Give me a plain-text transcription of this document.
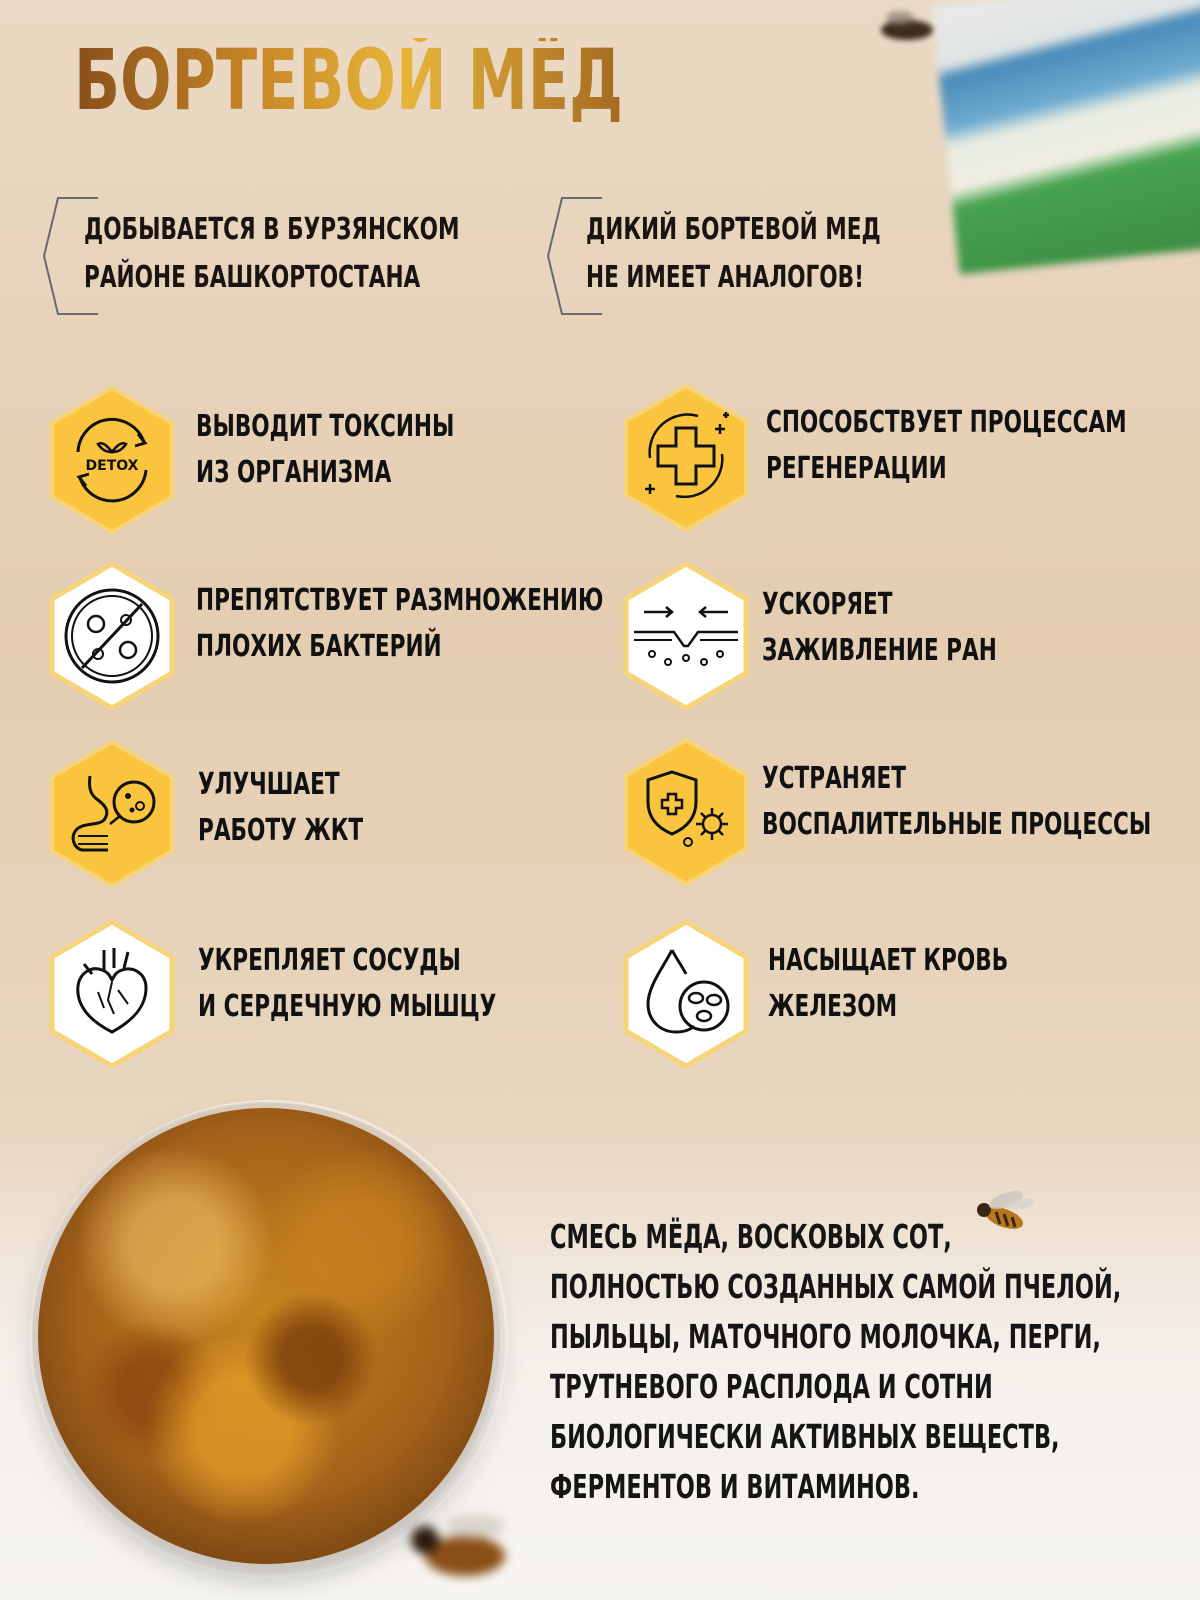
БОРТЕВОЙ МЁД
ДОБЫВАЕТСЯ В БУРЗЯНСКОМ
РАЙОНЕ БАШКОРТОСТАНА
ДИКИЙ БОРТЕВОЙ МЕД
НЕ ИМЕЕТ АНАЛОГОВ!
DETOX
ВЫВОДИТ ТОКСИНЫ
ИЗ ОРГАНИЗМА
СПОСОБСТВУЕТ ПРОЦЕССАМ
РЕГЕНЕРАЦИИ
ПРЕПЯТСТВУЕТ РАЗМНОЖЕНИЮ
ПЛОХИХ БАКТЕРИЙ
УСКОРЯЕТ
ЗАЖИВЛЕНИЕ РАН
УЛУЧШАЕТ
РАБОТУ ЖКТ
УСТРАНЯЕТ
ВОСПАЛИТЕЛЬНЫЕ ПРОЦЕССЫ
УКРЕПЛЯЕТ СОСУДЫ
И СЕРДЕЧНУЮ МЫШЦУ
НАСЫЩАЕТ КРОВЬ
ЖЕЛЕЗОМ
СМЕСЬ МЁДА, ВОСКОВЫХ СОТ,
ПОЛНОСТЬЮ СОЗДАННЫХ САМОЙ ПЧЕЛОЙ,
ПЫЛЬЦЫ, МАТОЧНОГО МОЛОЧКА, ПЕРГИ,
ТРУТНЕВОГО РАСПЛОДА И СОТНИ
БИОЛОГИЧЕСКИ АКТИВНЫХ ВЕЩЕСТВ,
ФЕРМЕНТОВ И ВИТАМИНОВ.
